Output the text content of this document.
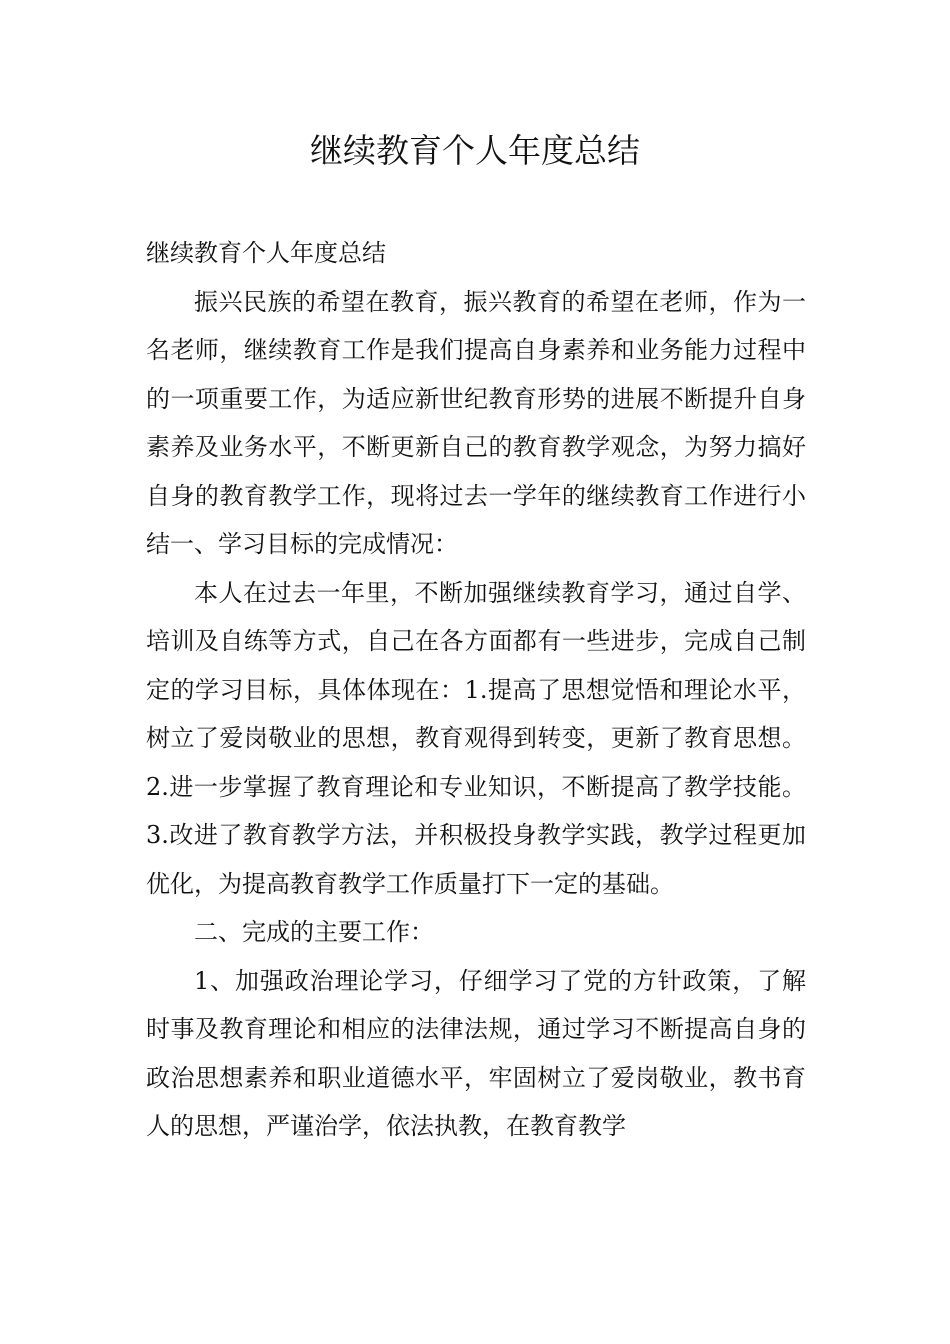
继续教育个人年度总结

继续教育个人年度总结

振兴民族的希望在教育，振兴教育的希望在老师，作为一名老师，继续教育工作是我们提高自身素养和业务能力过程中的一项重要工作，为适应新世纪教育形势的进展不断提升自身素养及业务水平，不断更新自己的教育教学观念，为努力搞好自身的教育教学工作，现将过去一学年的继续教育工作进行小结一、学习目标的完成情况：

本人在过去一年里，不断加强继续教育学习，通过自学、培训及自练等方式，自己在各方面都有一些进步，完成自己制定的学习目标，具体体现在：1.提高了思想觉悟和理论水平，树立了爱岗敬业的思想，教育观得到转变，更新了教育思想。2.进一步掌握了教育理论和专业知识，不断提高了教学技能。3.改进了教育教学方法，并积极投身教学实践，教学过程更加优化，为提高教育教学工作质量打下一定的基础。

二、完成的主要工作：

1、加强政治理论学习，仔细学习了党的方针政策，了解时事及教育理论和相应的法律法规，通过学习不断提高自身的政治思想素养和职业道德水平，牢固树立了爱岗敬业，教书育人的思想，严谨治学，依法执教，在教育教学
